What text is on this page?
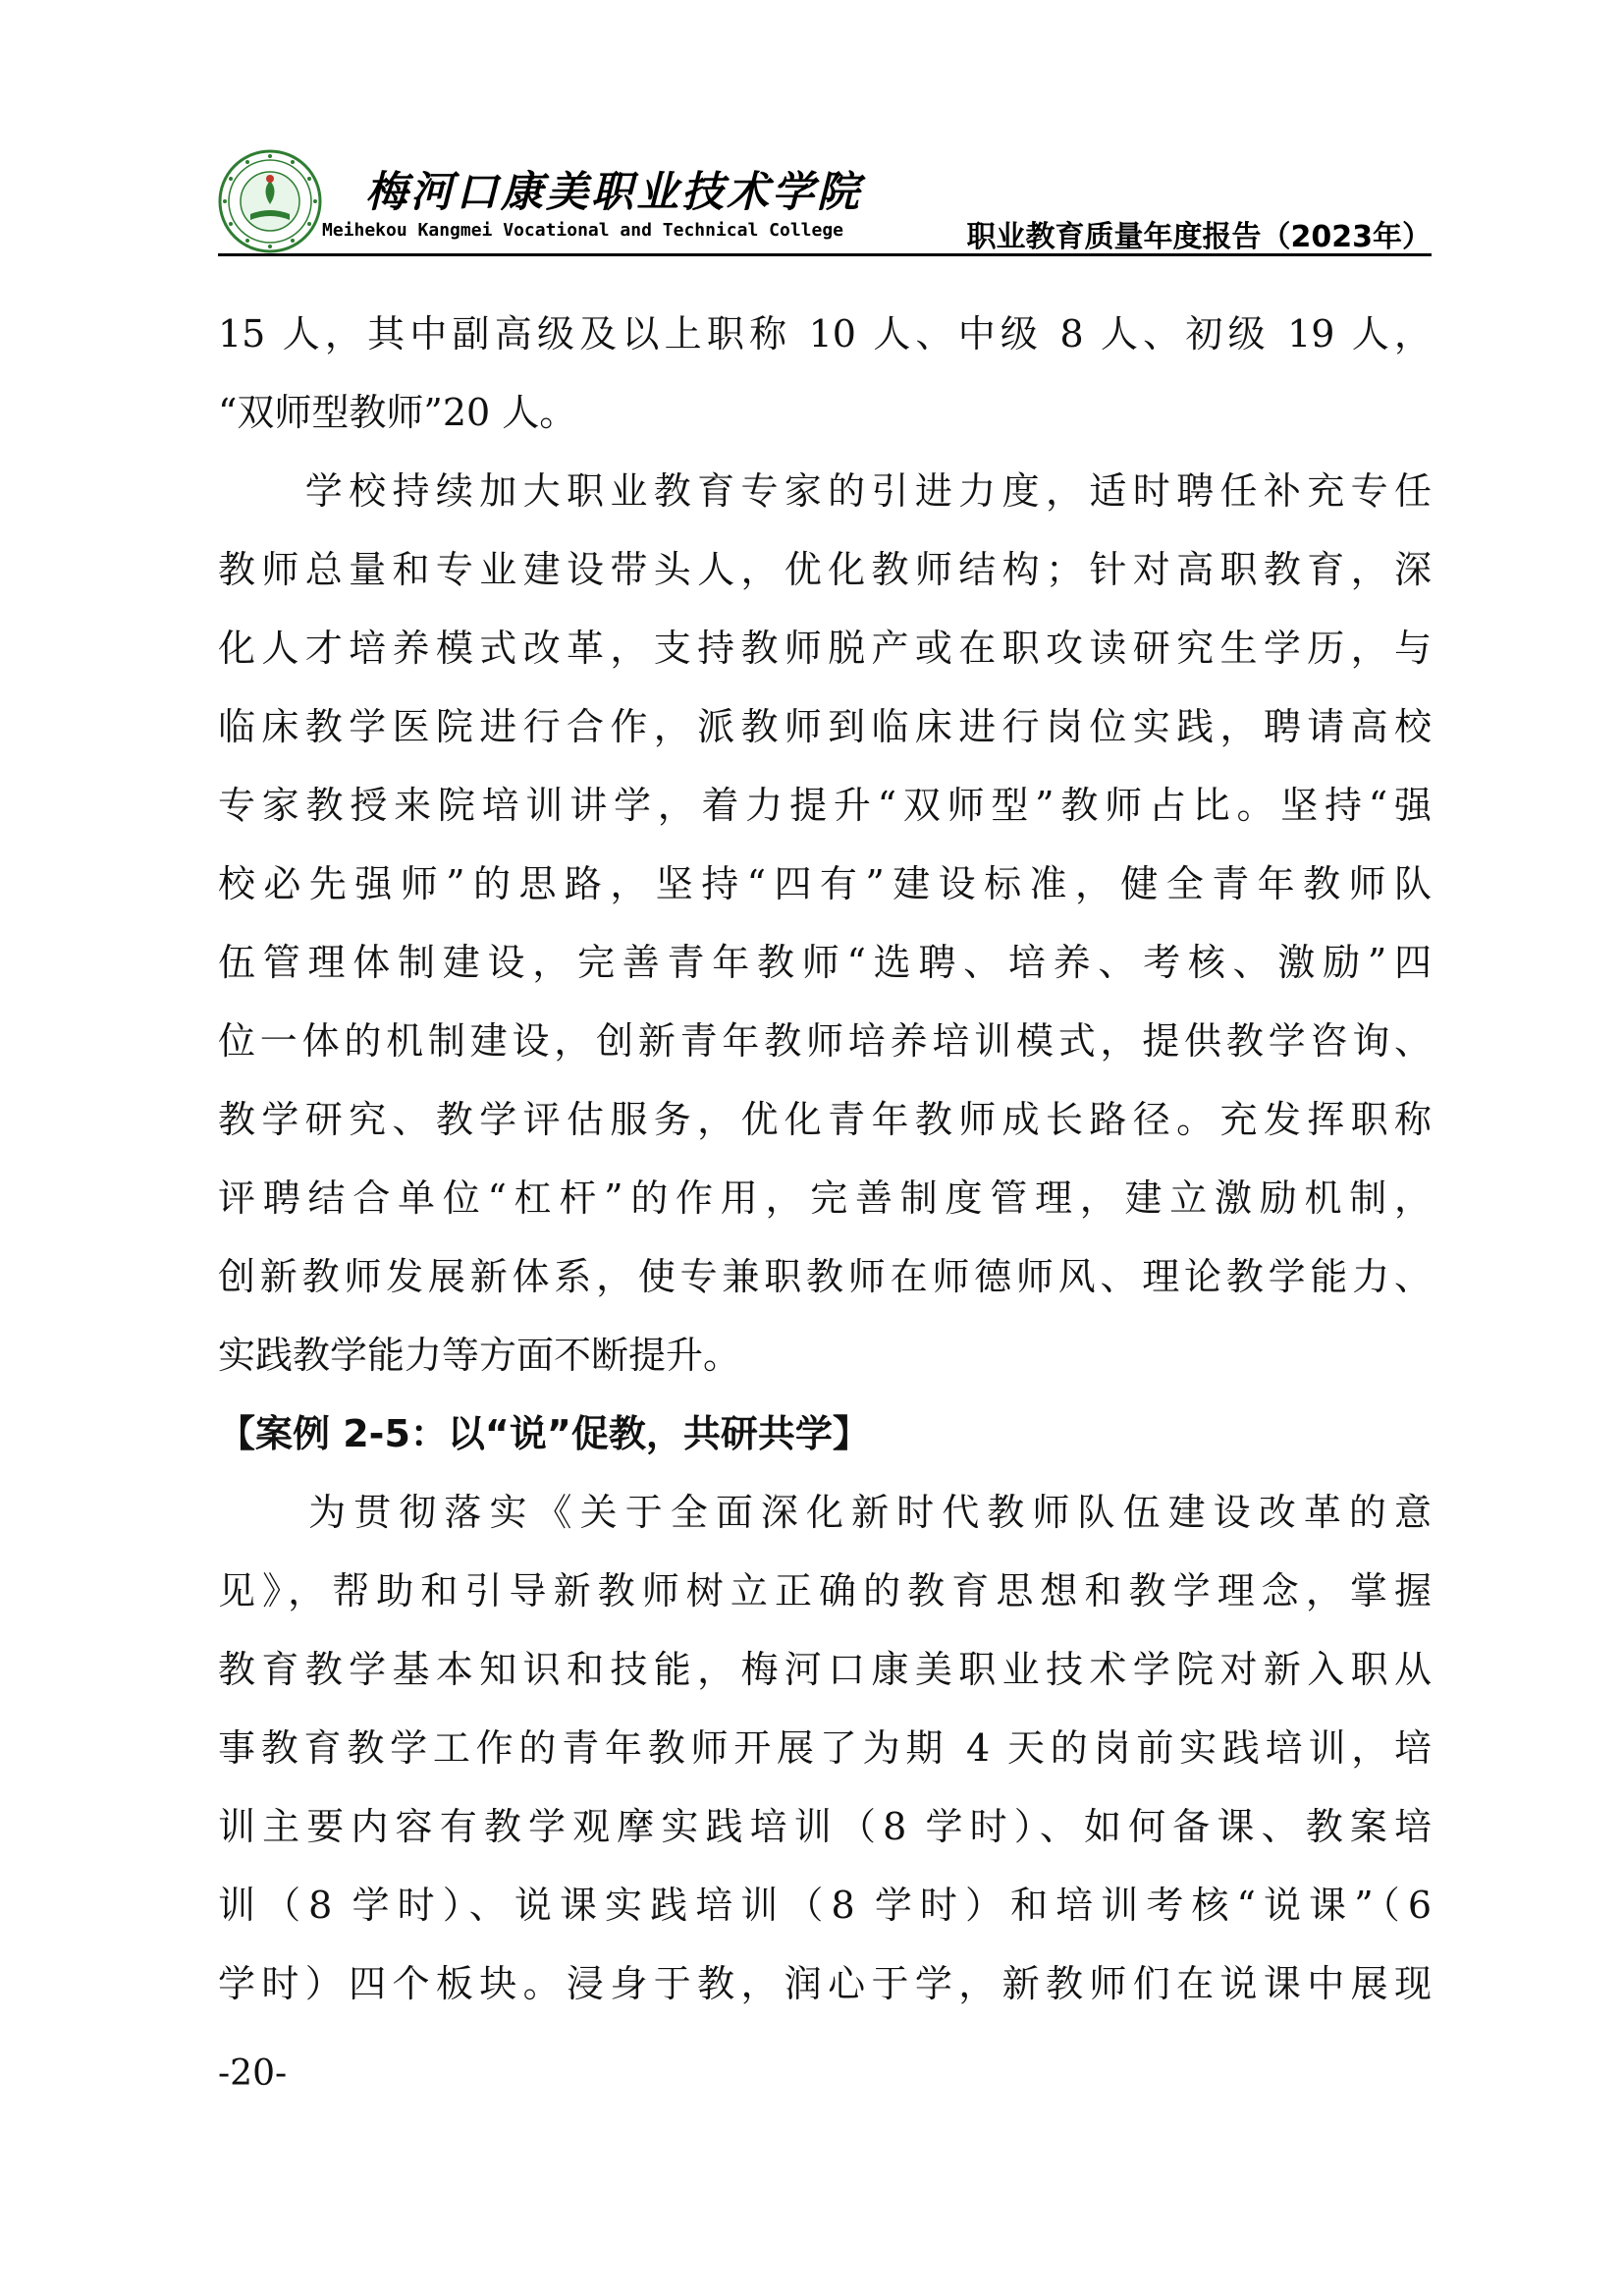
梅河口康美职业技术学院
Meihekou Kangmei Vocational and Technical College	职业教育质量年度报告（2023年）
15 人，其中副高级及以上职称 10 人、中级 8 人、初级 19 人，
“双师型教师”20 人。
　　学校持续加大职业教育专家的引进力度，适时聘任补充专任
教师总量和专业建设带头人，优化教师结构；针对高职教育，深
化人才培养模式改革，支持教师脱产或在职攻读研究生学历，与
临床教学医院进行合作，派教师到临床进行岗位实践，聘请高校
专家教授来院培训讲学，着力提升“双师型”教师占比。坚持“强
校必先强师”的思路，坚持“四有”建设标准，健全青年教师队
伍管理体制建设，完善青年教师“选聘、培养、考核、激励”四
位一体的机制建设，创新青年教师培养培训模式，提供教学咨询、
教学研究、教学评估服务，优化青年教师成长路径。充发挥职称
评聘结合单位“杠杆”的作用，完善制度管理，建立激励机制，
创新教师发展新体系，使专兼职教师在师德师风、理论教学能力、
实践教学能力等方面不断提升。
【案例 2-5：以“说”促教，共研共学】
　　为贯彻落实《关于全面深化新时代教师队伍建设改革的意
见》，帮助和引导新教师树立正确的教育思想和教学理念，掌握
教育教学基本知识和技能，梅河口康美职业技术学院对新入职从
事教育教学工作的青年教师开展了为期 4 天的岗前实践培训，培
训主要内容有教学观摩实践培训（8 学时）、如何备课、教案培
训（8 学时）、说课实践培训（8 学时）和培训考核“说课”（6
学时）四个板块。浸身于教，润心于学，新教师们在说课中展现
-20-
